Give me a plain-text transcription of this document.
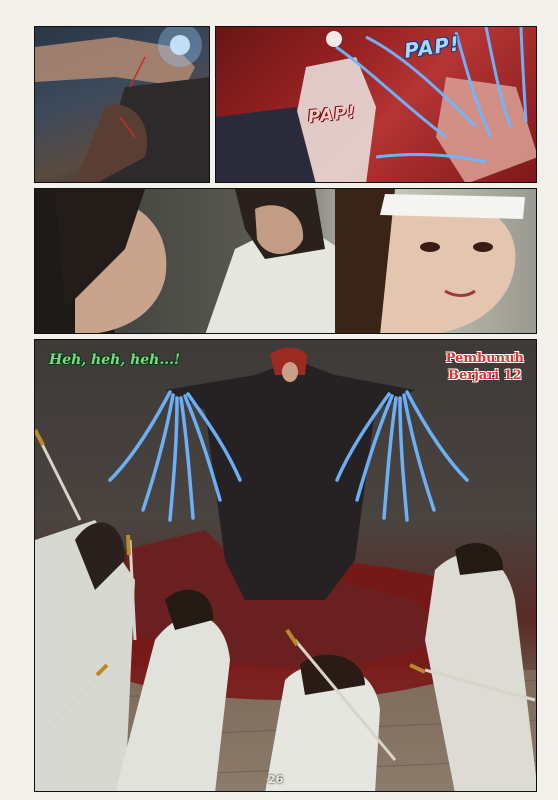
PAP!
PAP!
Heh, heh, heh...!	Pembunuh
Berjari 12
26
